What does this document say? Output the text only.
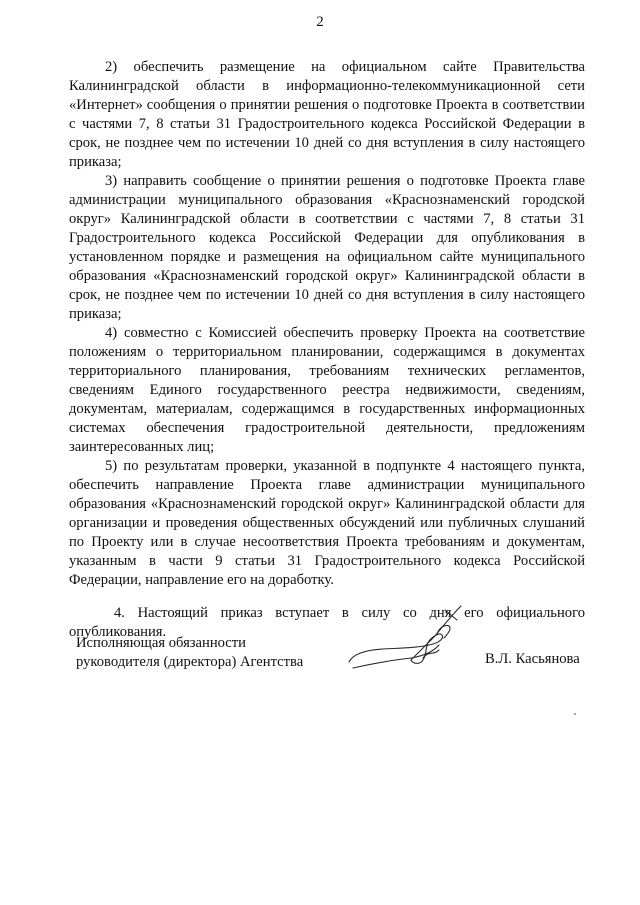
2

2) обеспечить размещение на официальном сайте Правительства Калининградской области в информационно-телекоммуникационной сети «Интернет» сообщения о принятии решения о подготовке Проекта в соответствии с частями 7, 8 статьи 31 Градостроительного кодекса Российской Федерации в срок, не позднее чем по истечении 10 дней со дня вступления в силу настоящего приказа;

3) направить сообщение о принятии решения о подготовке Проекта главе администрации муниципального образования «Краснознаменский городской округ» Калининградской области в соответствии с частями 7, 8 статьи 31 Градостроительного кодекса Российской Федерации для опубликования в установленном порядке и размещения на официальном сайте муниципального образования «Краснознаменский городской округ» Калининградской области в срок, не позднее чем по истечении 10 дней со дня вступления в силу настоящего приказа;

4) совместно с Комиссией обеспечить проверку Проекта на соответствие положениям о территориальном планировании, содержащимся в документах территориального планирования, требованиям технических регламентов, сведениям Единого государственного реестра недвижимости, сведениям, документам, материалам, содержащимся в государственных информационных системах обеспечения градостроительной деятельности, предложениям заинтересованных лиц;

5) по результатам проверки, указанной в подпункте 4 настоящего пункта, обеспечить направление Проекта главе администрации муниципального образования «Краснознаменский городской округ» Калининградской области для организации и проведения общественных обсуждений или публичных слушаний по Проекту или в случае несоответствия Проекта требованиям и документам, указанным в части 9 статьи 31 Градостроительного кодекса Российской Федерации, направление его на доработку.

4. Настоящий приказ вступает в силу со дня его официального опубликования.

Исполняющая обязанности
руководителя (директора) Агентства	В.Л. Касьянова
